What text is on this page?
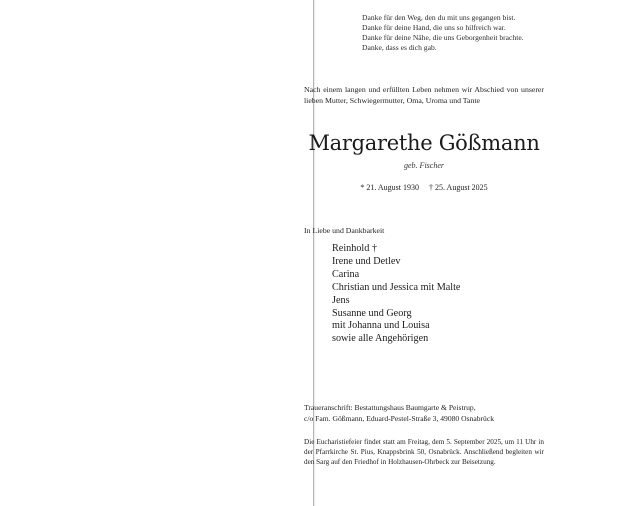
Danke für den Weg, den du mit uns gegangen bist.
Danke für deine Hand, die uns so hilfreich war.
Danke für deine Nähe, die uns Geborgenheit brachte.
Danke, dass es dich gab.
Nach einem langen und erfüllten Leben nehmen wir Abschied von unserer lieben Mutter, Schwiegermutter, Oma, Uroma und Tante
Margarethe Gößmann
geb. Fischer
* 21. August 1930 † 25. August 2025
In Liebe und Dankbarkeit
Reinhold †
Irene und Detlev
Carina
Christian und Jessica mit Malte
Jens
Susanne und Georg
mit Johanna und Louisa
sowie alle Angehörigen
Traueranschrift: Bestattungshaus Baumgarte & Peistrup,
c/o Fam. Gößmann, Eduard-Pestel-Straße 3, 49080 Osnabrück
Die Eucharistiefeier findet statt am Freitag, dem 5. September 2025, um 11 Uhr in der Pfarrkirche St. Pius, Knappsbrink 50, Osnabrück. Anschließend begleiten wir den Sarg auf den Friedhof in Holzhausen-Ohrbeck zur Beisetzung.
